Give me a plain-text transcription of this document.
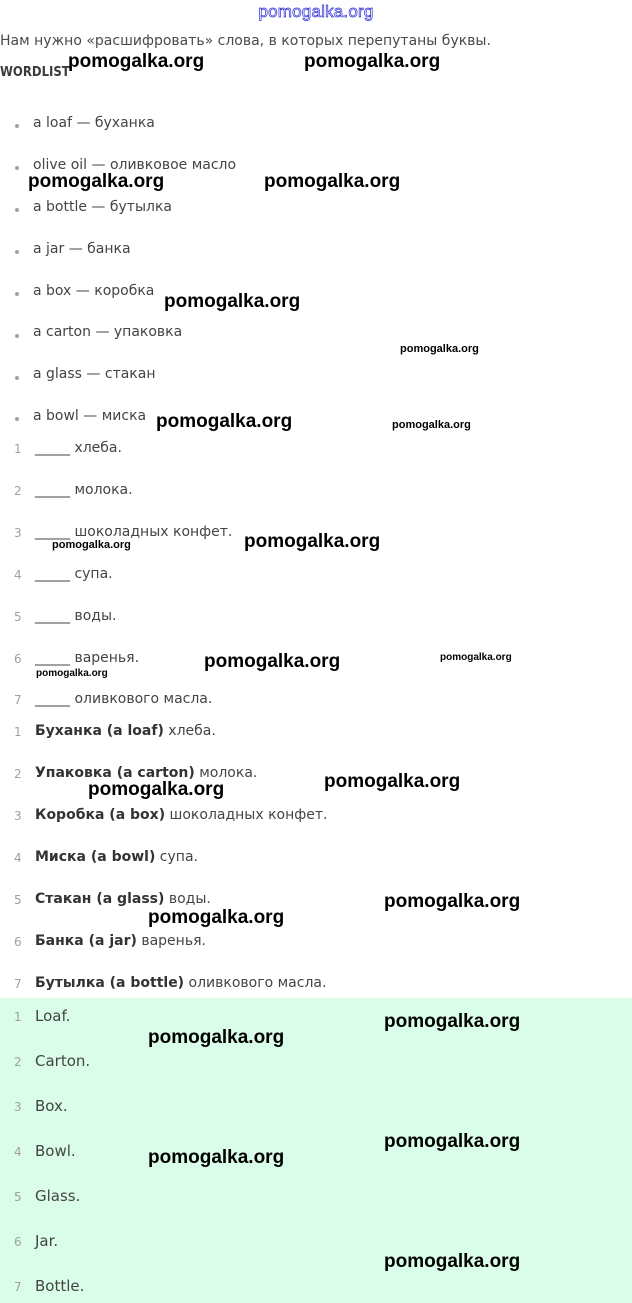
pomogalka.org
Нам нужно «расшифровать» слова, в которых перепутаны буквы.
WORDLIST
a loaf — буханка
olive oil — оливковое масло
a bottle — бутылка
a jar — банка
a box — коробка
a carton — упаковка
a glass — стакан
a bowl — миска
1 _____ хлеба.
2 _____ молока.
3 _____ шоколадных конфет.
4 _____ супа.
5 _____ воды.
6 _____ варенья.
7 _____ оливкового масла.
1 Буханка (a loaf) хлеба.
2 Упаковка (a carton) молока.
3 Коробка (a box) шоколадных конфет.
4 Миска (a bowl) супа.
5 Стакан (a glass) воды.
6 Банка (a jar) варенья.
7 Бутылка (a bottle) оливкового масла.
1 Loaf.
2 Carton.
3 Box.
4 Bowl.
5 Glass.
6 Jar.
7 Bottle.
pomogalka.org	pomogalka.org
pomogalka.org	pomogalka.org
pomogalka.org
pomogalka.org
pomogalka.org	pomogalka.org
pomogalka.org	pomogalka.org
pomogalka.org	pomogalka.org
pomogalka.org
pomogalka.org
pomogalka.org
pomogalka.org
pomogalka.org
pomogalka.org
pomogalka.org
pomogalka.org
pomogalka.org
pomogalka.org
